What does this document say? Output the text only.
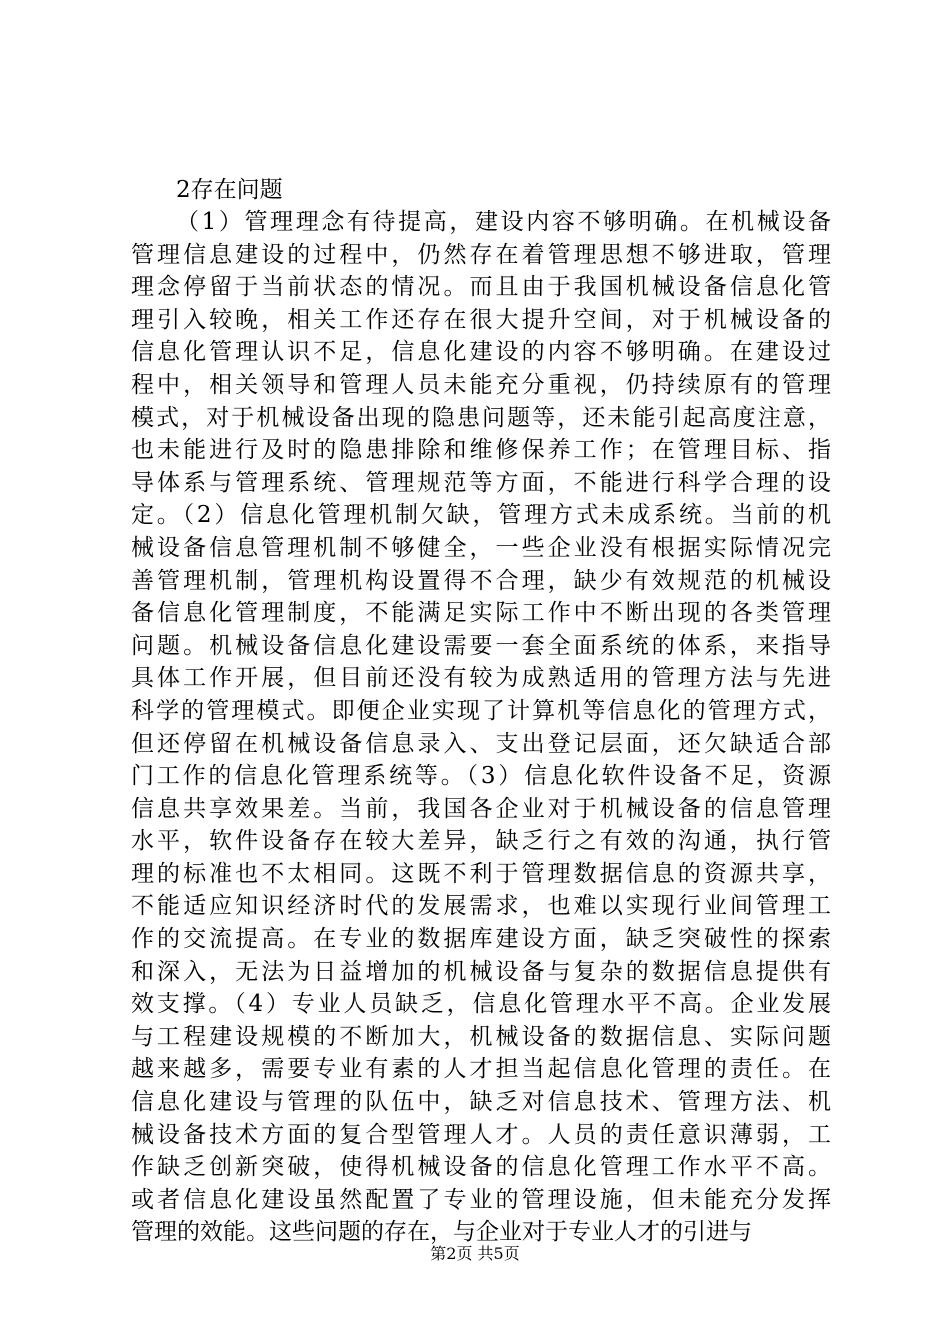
2存在问题
（1）管理理念有待提高，建设内容不够明确。在机械设备
管理信息建设的过程中，仍然存在着管理思想不够进取，管理
理念停留于当前状态的情况。而且由于我国机械设备信息化管
理引入较晚，相关工作还存在很大提升空间，对于机械设备的
信息化管理认识不足，信息化建设的内容不够明确。在建设过
程中，相关领导和管理人员未能充分重视，仍持续原有的管理
模式，对于机械设备出现的隐患问题等，还未能引起高度注意，
也未能进行及时的隐患排除和维修保养工作；在管理目标、指
导体系与管理系统、管理规范等方面，不能进行科学合理的设
定。（2）信息化管理机制欠缺，管理方式未成系统。当前的机
械设备信息管理机制不够健全，一些企业没有根据实际情况完
善管理机制，管理机构设置得不合理，缺少有效规范的机械设
备信息化管理制度，不能满足实际工作中不断出现的各类管理
问题。机械设备信息化建设需要一套全面系统的体系，来指导
具体工作开展，但目前还没有较为成熟适用的管理方法与先进
科学的管理模式。即便企业实现了计算机等信息化的管理方式，
但还停留在机械设备信息录入、支出登记层面，还欠缺适合部
门工作的信息化管理系统等。（3）信息化软件设备不足，资源
信息共享效果差。当前，我国各企业对于机械设备的信息管理
水平，软件设备存在较大差异，缺乏行之有效的沟通，执行管
理的标准也不太相同。这既不利于管理数据信息的资源共享，
不能适应知识经济时代的发展需求，也难以实现行业间管理工
作的交流提高。在专业的数据库建设方面，缺乏突破性的探索
和深入，无法为日益增加的机械设备与复杂的数据信息提供有
效支撑。（4）专业人员缺乏，信息化管理水平不高。企业发展
与工程建设规模的不断加大，机械设备的数据信息、实际问题
越来越多，需要专业有素的人才担当起信息化管理的责任。在
信息化建设与管理的队伍中，缺乏对信息技术、管理方法、机
械设备技术方面的复合型管理人才。人员的责任意识薄弱，工
作缺乏创新突破，使得机械设备的信息化管理工作水平不高。
或者信息化建设虽然配置了专业的管理设施，但未能充分发挥
管理的效能。这些问题的存在，与企业对于专业人才的引进与
第2页 共5页
